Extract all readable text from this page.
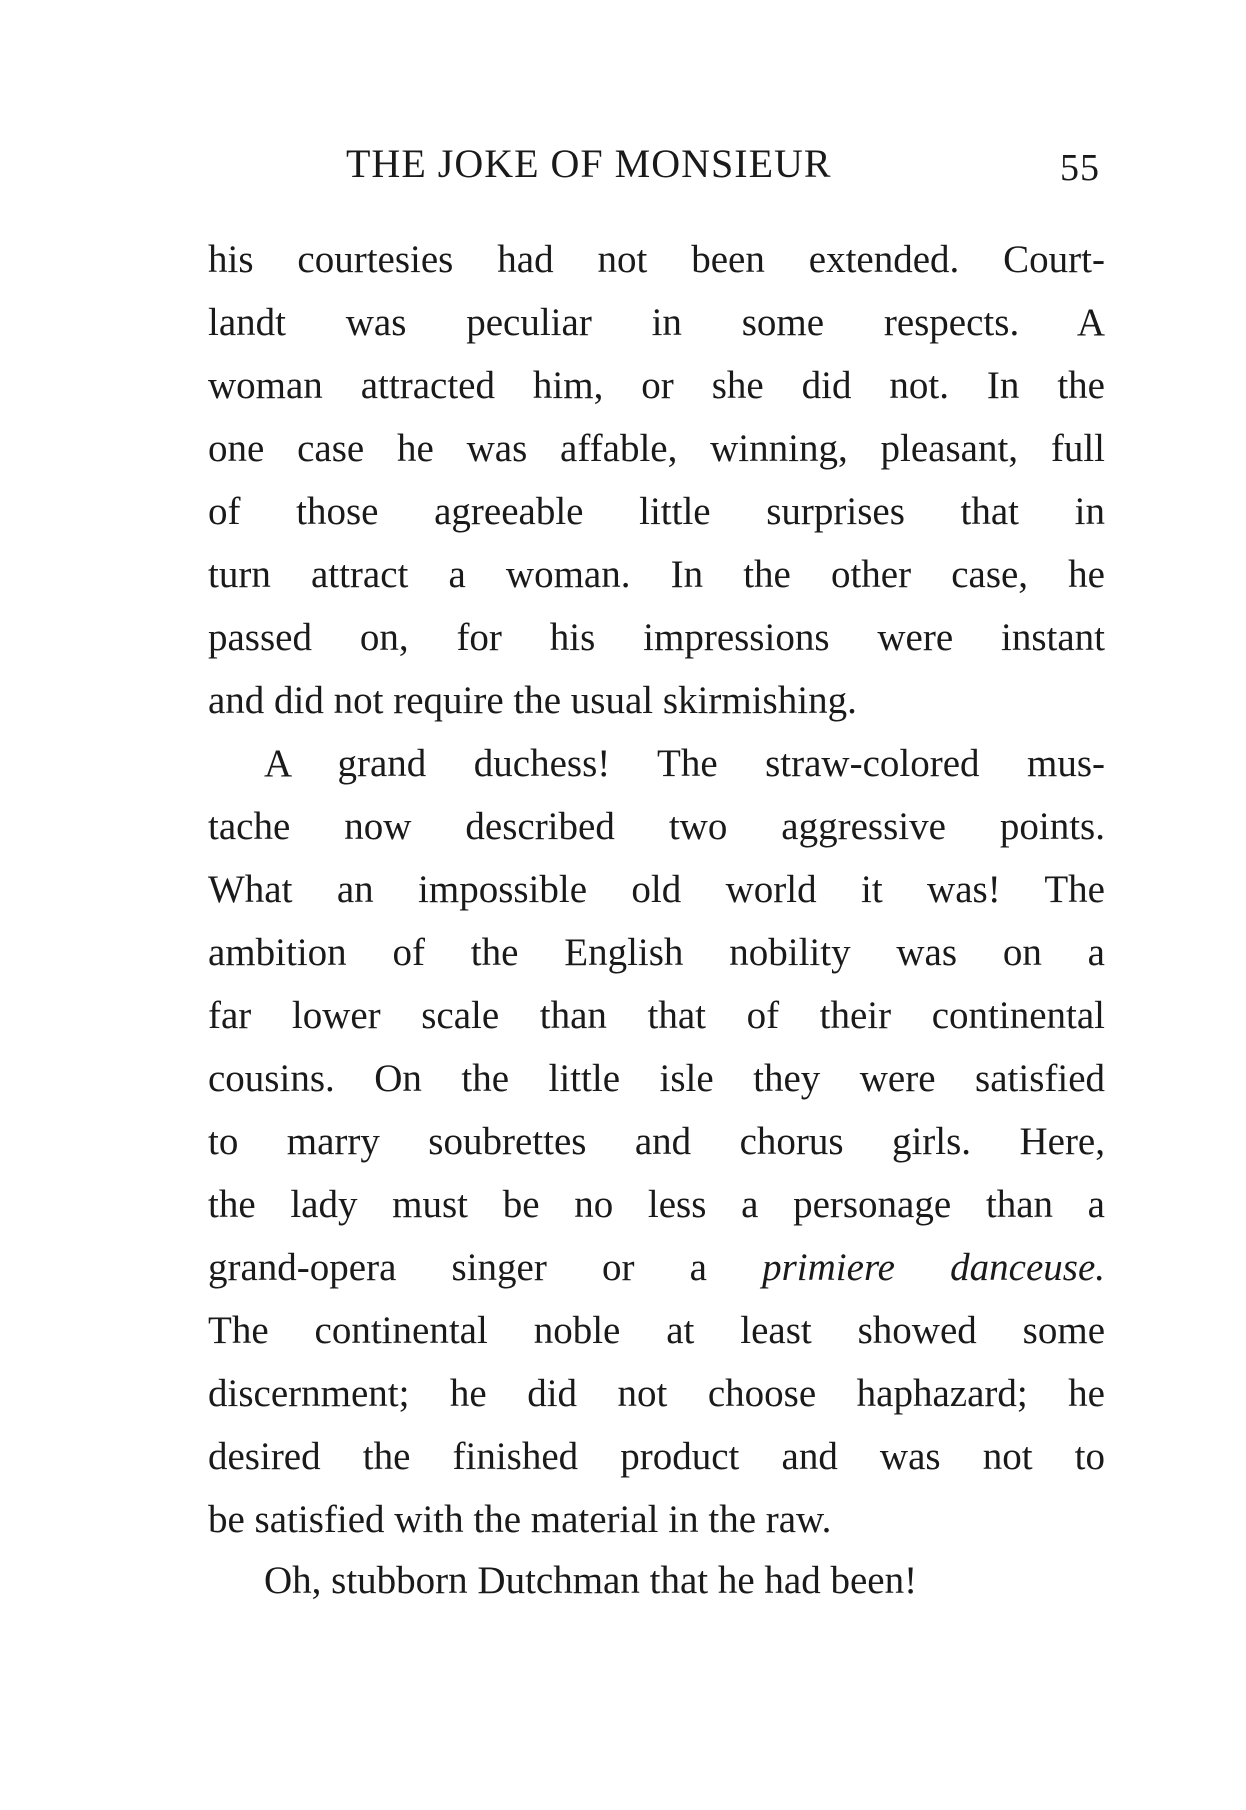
THE JOKE OF MONSIEUR	55
his courtesies had not been extended. Court-
landt was peculiar in some respects. A
woman attracted him, or she did not. In the
one case he was affable, winning, pleasant, full
of those agreeable little surprises that in
turn attract a woman. In the other case, he
passed on, for his impressions were instant
and did not require the usual skirmishing.
A grand duchess! The straw-colored mus-
tache now described two aggressive points.
What an impossible old world it was! The
ambition of the English nobility was on a
far lower scale than that of their continental
cousins. On the little isle they were satisfied
to marry soubrettes and chorus girls. Here,
the lady must be no less a personage than a
grand-opera singer or a primiere danceuse.
The continental noble at least showed some
discernment; he did not choose haphazard; he
desired the finished product and was not to
be satisfied with the material in the raw.
Oh, stubborn Dutchman that he had been!
